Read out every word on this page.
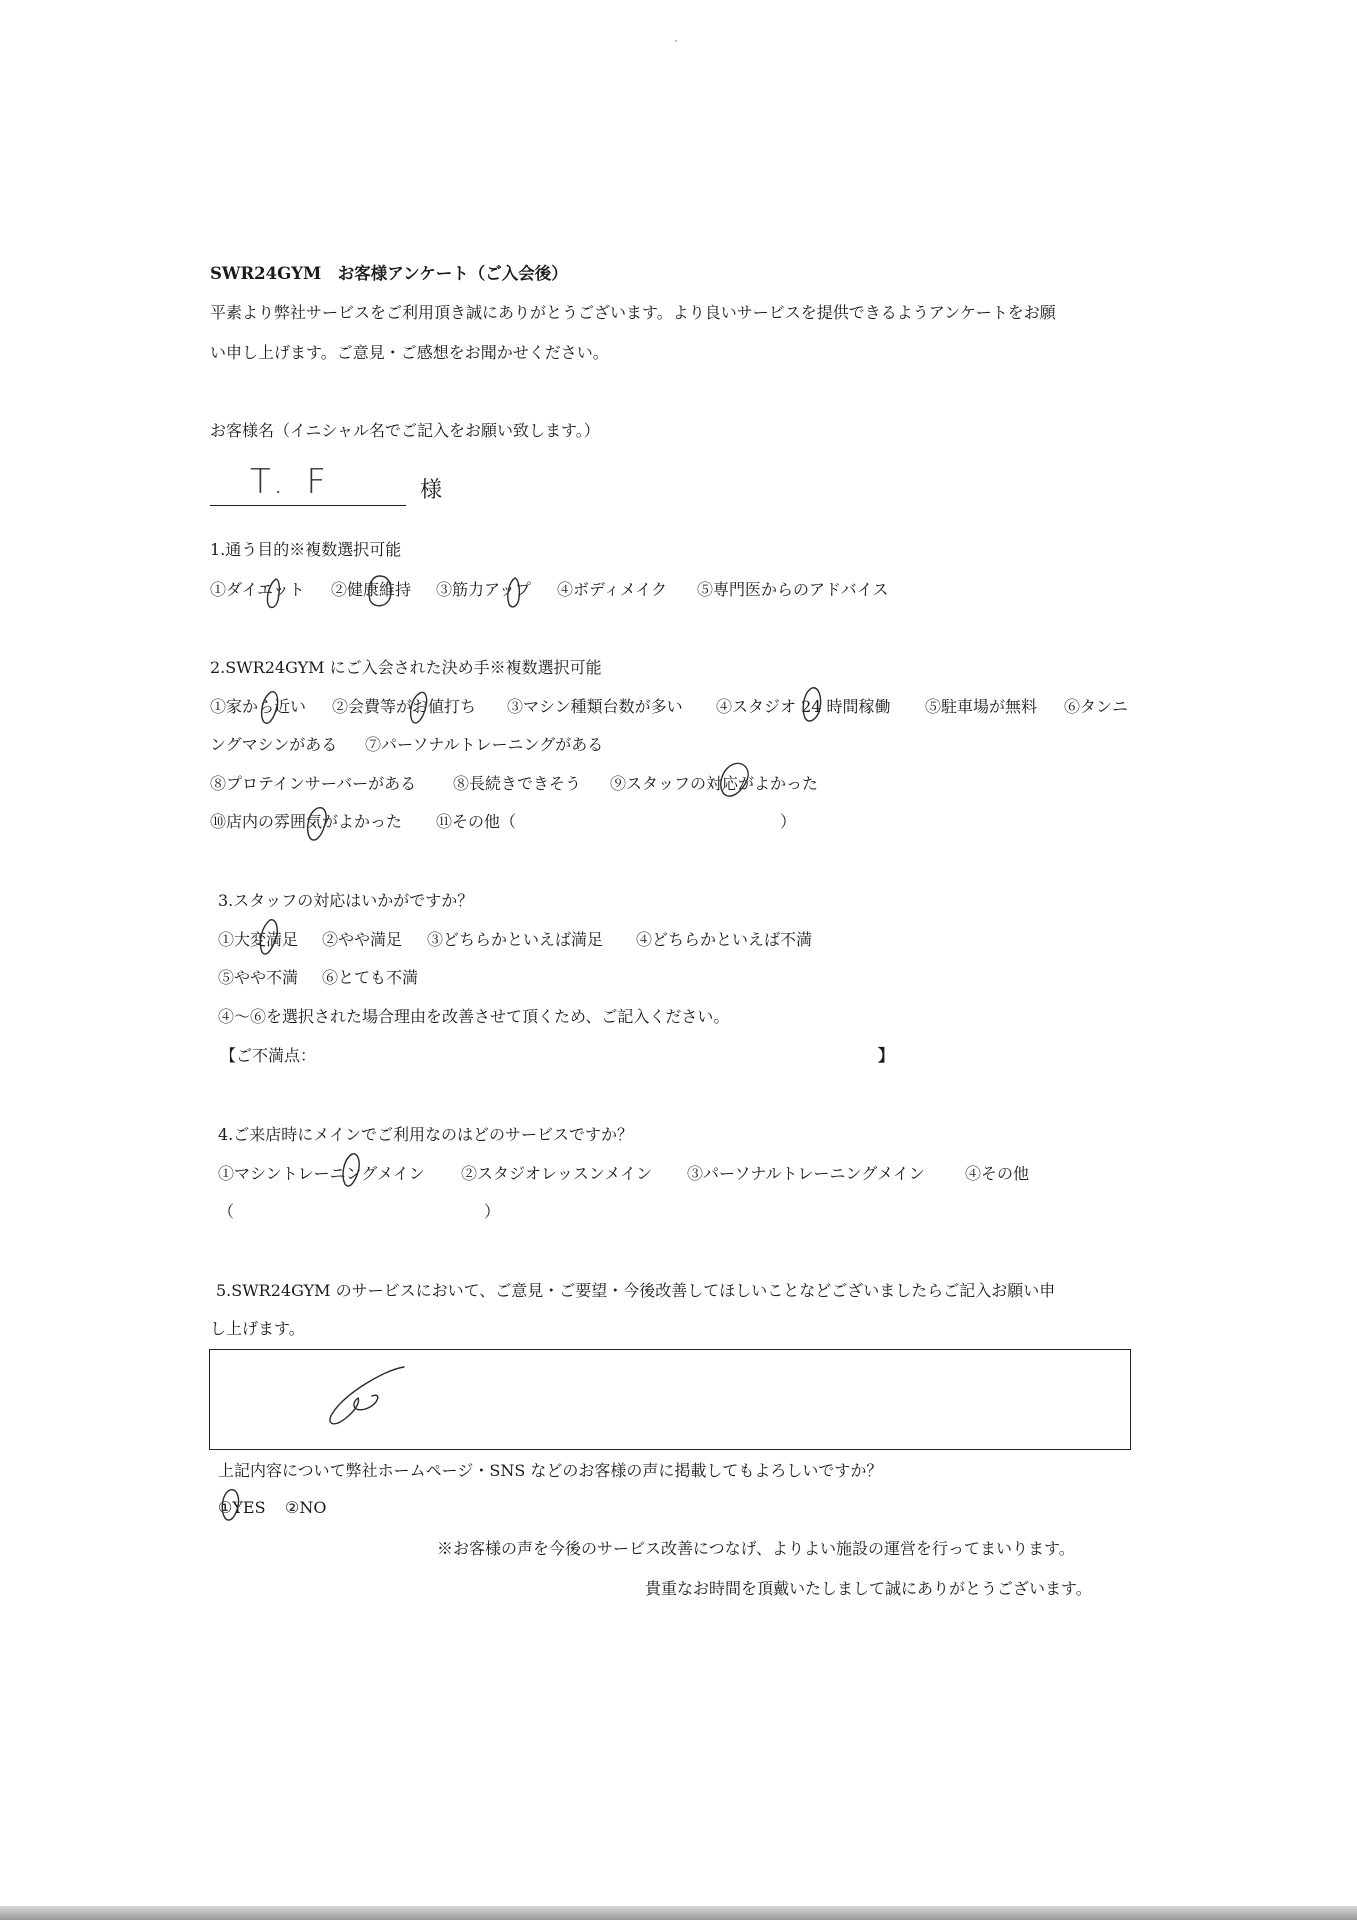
SWR24GYM　お客様アンケート（ご入会後）
平素より弊社サービスをご利用頂き誠にありがとうございます。より良いサービスを提供できるようアンケートをお願
い申し上げます。ご意見・ご感想をお聞かせください。
お客様名（イニシャル名でご記入をお願い致します。）
T. F	様
1.通う目的※複数選択可能
①ダイエット ②健康維持 ③筋力アップ ④ボディメイク ⑤専門医からのアドバイス
2.SWR24GYM にご入会された決め手※複数選択可能
①家から近い ②会費等がお値打ち ③マシン種類台数が多い ④スタジオ 24 時間稼働 ⑤駐車場が無料 ⑥タンニ
ングマシンがある ⑦パーソナルトレーニングがある
⑧プロテインサーバーがある ⑧長続きできそう ⑨スタッフの対応がよかった
⑩店内の雰囲気がよかった ⑪その他（	）
3.スタッフの対応はいかがですか？
①大変満足 ②やや満足 ③どちらかといえば満足 ④どちらかといえば不満
⑤やや不満 ⑥とても不満
④～⑥を選択された場合理由を改善させて頂くため、ご記入ください。
【ご不満点：	】
4.ご来店時にメインでご利用なのはどのサービスですか？
①マシントレーニングメイン ②スタジオレッスンメイン ③パーソナルトレーニングメイン	④その他
（	）
5.SWR24GYM のサービスにおいて、ご意見・ご要望・今後改善してほしいことなどございましたらご記入お願い申
し上げます。
上記内容について弊社ホームページ・SNS などのお客様の声に掲載してもよろしいですか？
①YES ②NO
※お客様の声を今後のサービス改善につなげ、よりよい施設の運営を行ってまいります。
貴重なお時間を頂戴いたしまして誠にありがとうございます。
